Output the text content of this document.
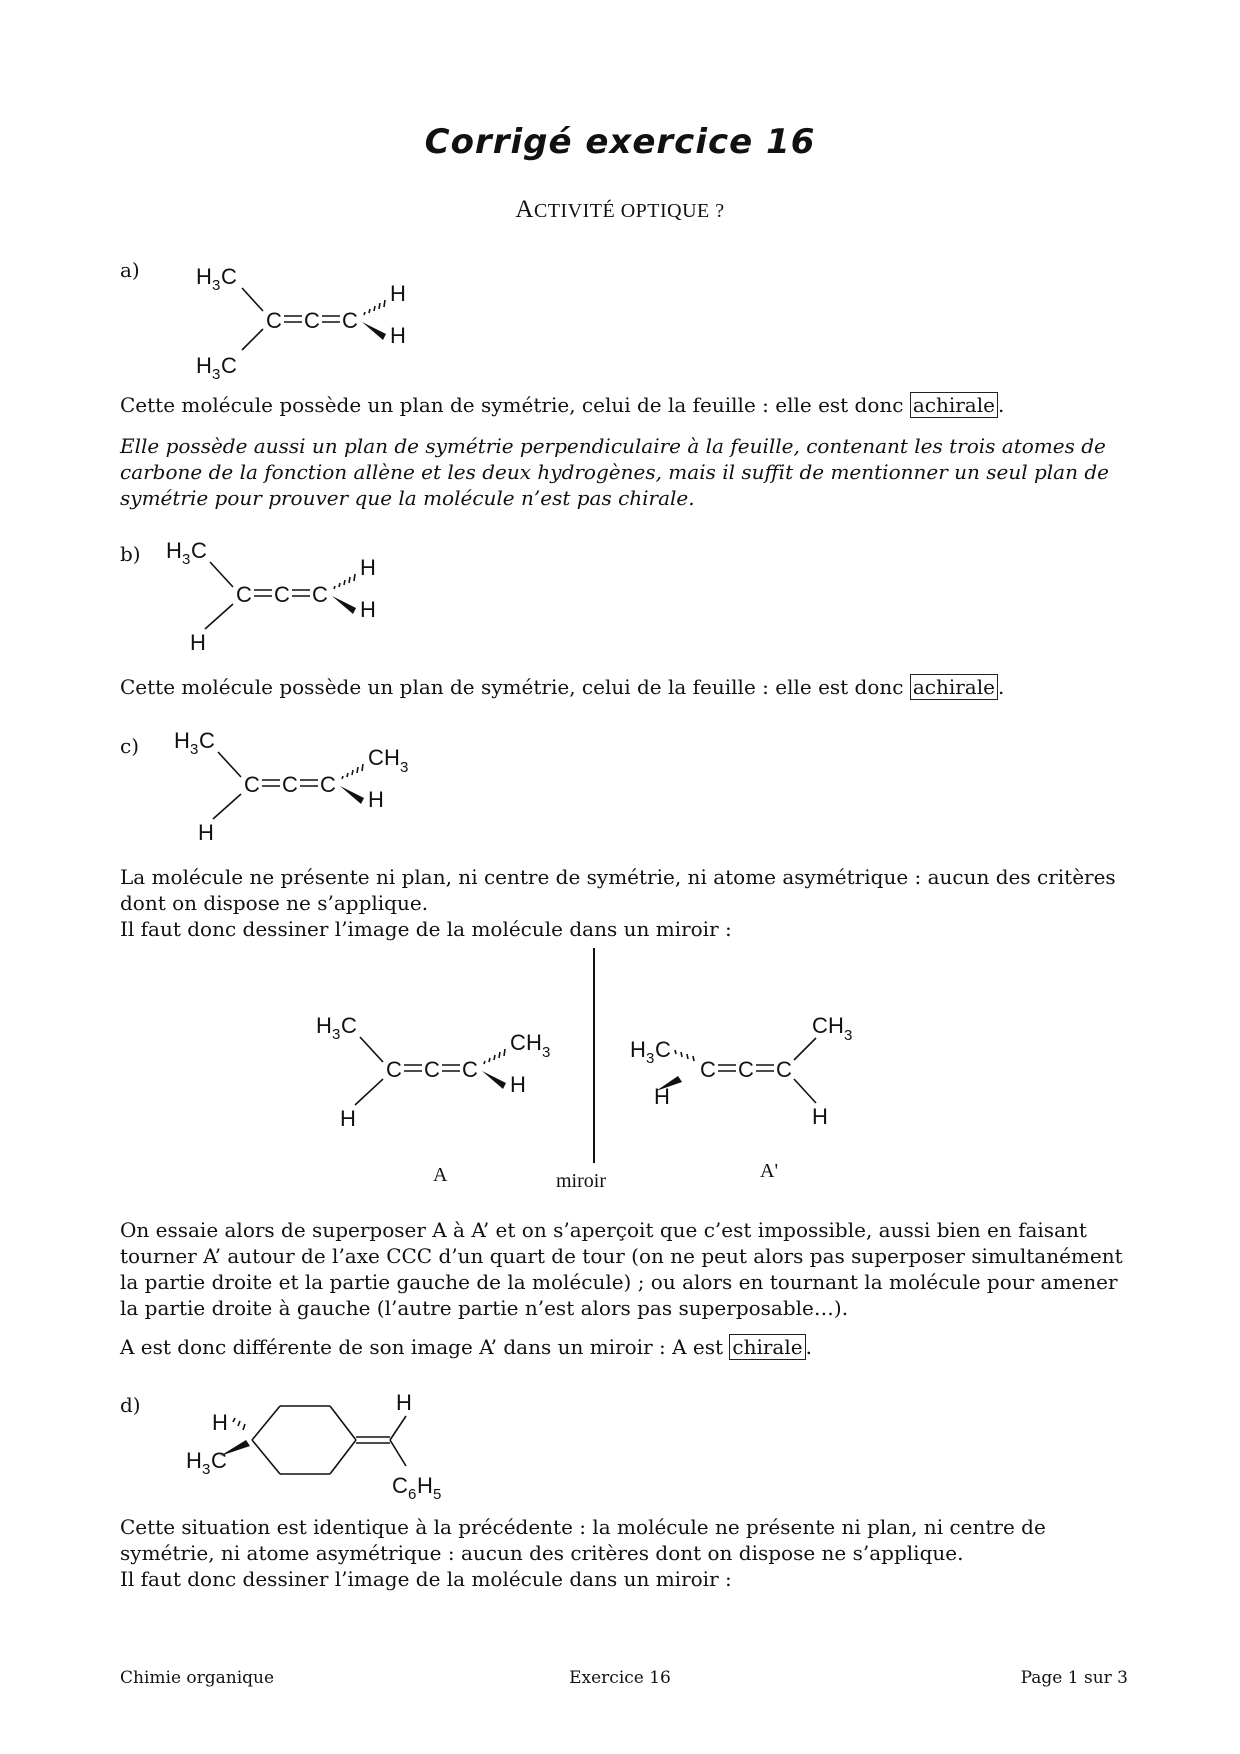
Corrigé exercice 16
ACTIVITÉ OPTIQUE ?
a)	H 3 C
H 3 C
C C C
H
H

Cette molécule possède un plan de symétrie, celui de la feuille : elle est donc achirale .

Elle possède aussi un plan de symétrie perpendiculaire à la feuille, contenant les trois atomes de carbone de la fonction allène et les deux hydrogènes, mais il suffit de mentionner un seul plan de symétrie pour prouver que la molécule n’est pas chirale.

b) H 3 C
H
C C C
H
H

Cette molécule possède un plan de symétrie, celui de la feuille : elle est donc achirale .

c) H 3 C
H
C C C
C H 3
H

La molécule ne présente ni plan, ni centre de symétrie, ni atome asymétrique : aucun des critères dont on dispose ne s’applique.

Il faut donc dessiner l’image de la molécule dans un miroir :

H 3 C
H
C C C
C H 3
H
H 3 C
H
C C C
C H 3
H
A	miroir	A'

On essaie alors de superposer A à A’ et on s’aperçoit que c’est impossible, aussi bien en faisant tourner A’ autour de l’axe CCC d’un quart de tour (on ne peut alors pas superposer simultanément la partie droite et la partie gauche de la molécule) ; ou alors en tournant la molécule pour amener la partie droite à gauche (l’autre partie n’est alors pas superposable…).

A est donc différente de son image A’ dans un miroir : A est chirale .

d)
H
H 3 C
H
C 6 H 5

Cette situation est identique à la précédente : la molécule ne présente ni plan, ni centre de symétrie, ni atome asymétrique : aucun des critères dont on dispose ne s’applique.

Il faut donc dessiner l’image de la molécule dans un miroir :

Chimie organique	Exercice 16	Page 1 sur 3
